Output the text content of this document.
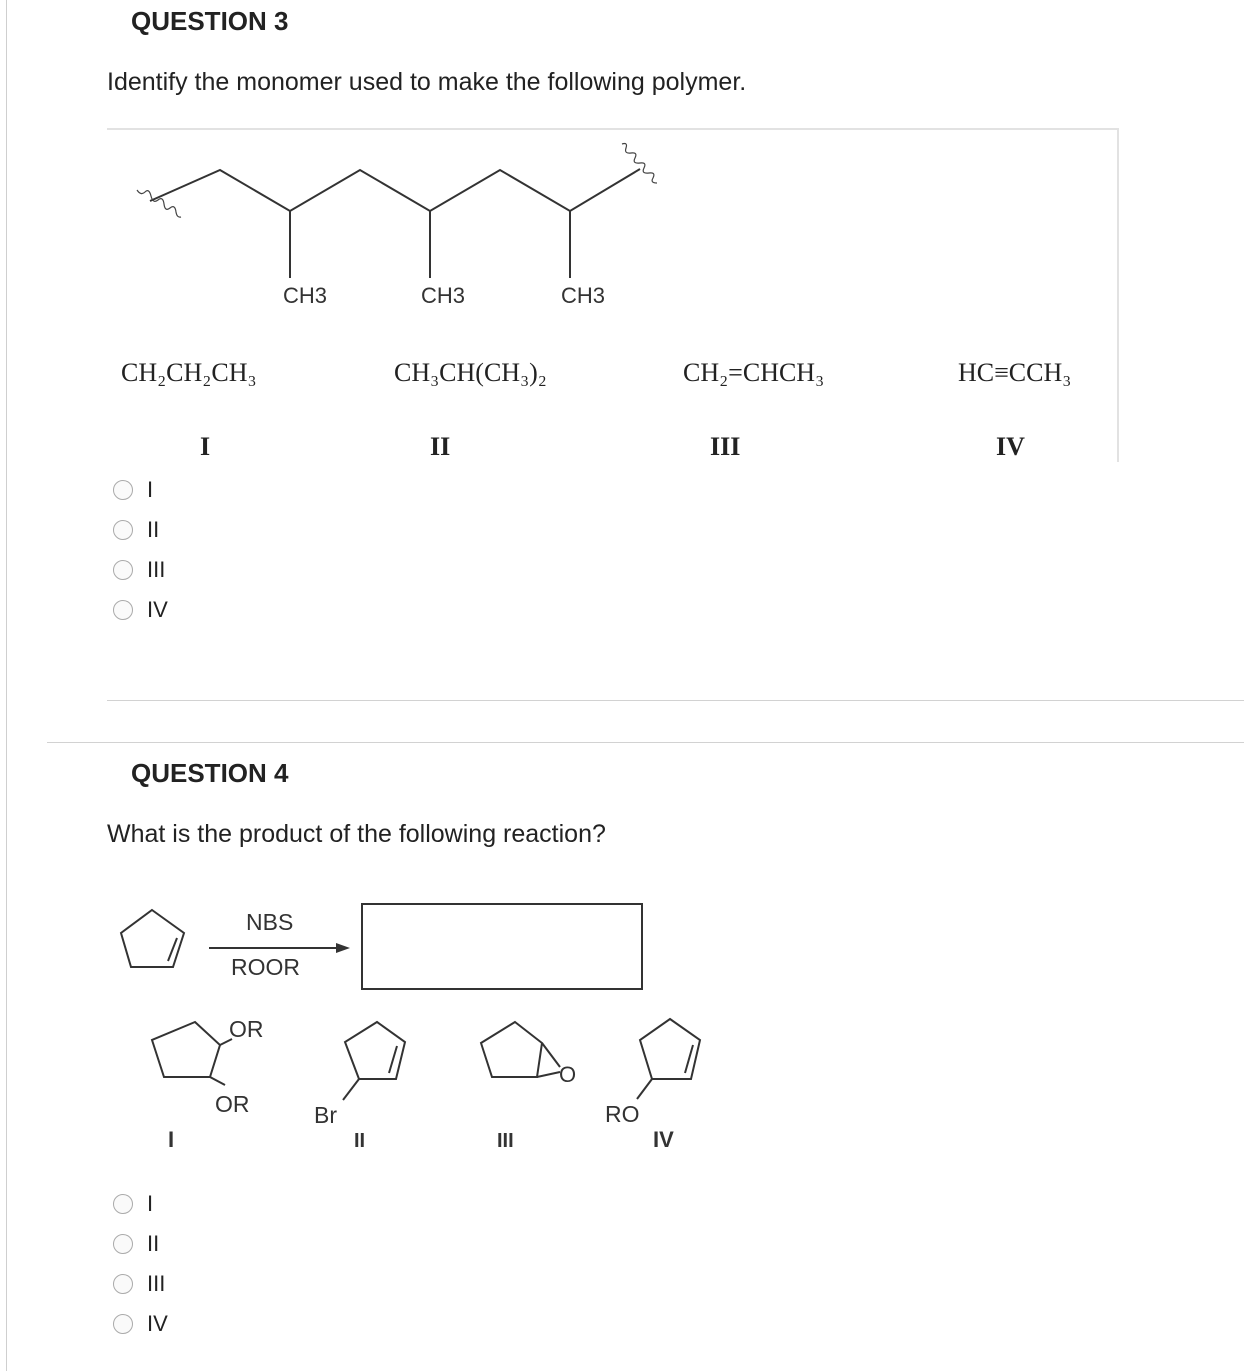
QUESTION 3
Identify the monomer used to make the following polymer.
CH3	CH3	CH3
CH₂CH₂CH₃	CH₃CH(CH₃)₂	CH₂=CHCH₃	HC≡CCH₃
I	II	III	IV
I
II
III
IV
QUESTION 4
What is the product of the following reaction?
NBS
ROOR
OR
OR
I
Br
II
O
III
RO
IV
I
II
III
IV
